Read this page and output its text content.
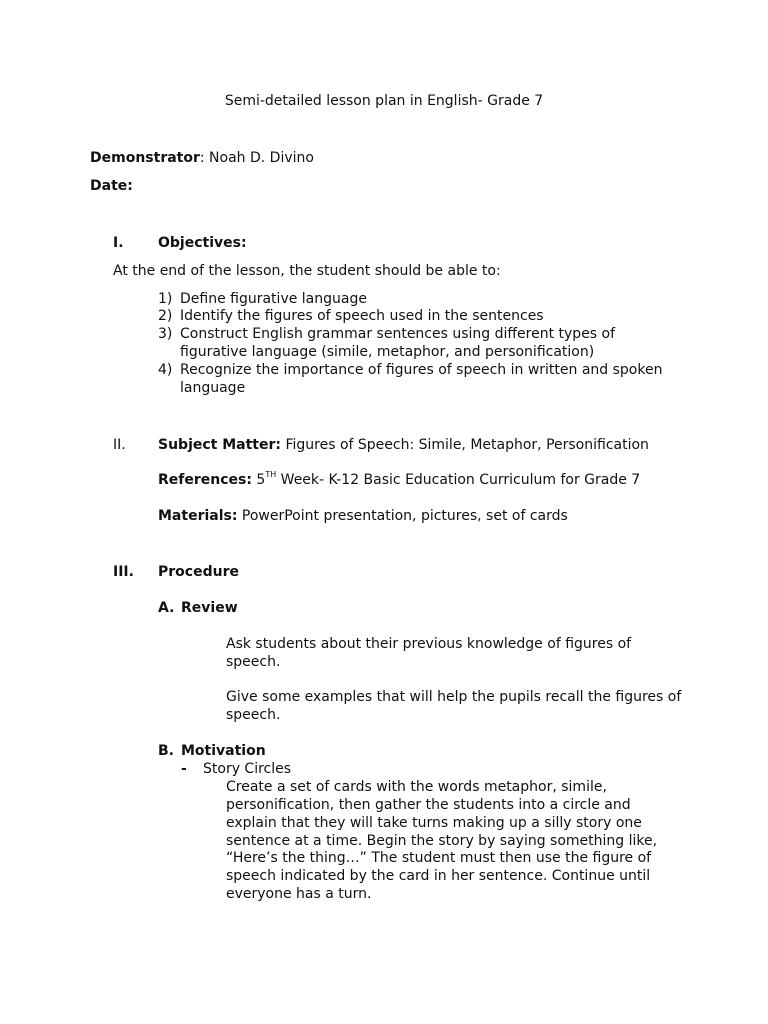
Semi-detailed lesson plan in English- Grade 7
Demonstrator: Noah D. Divino
Date:
I. Objectives:
At the end of the lesson, the student should be able to:
1) Define figurative language
2) Identify the figures of speech used in the sentences
3) Construct English grammar sentences using different types of
figurative language (simile, metaphor, and personification)
4) Recognize the importance of figures of speech in written and spoken
language
II. Subject Matter: Figures of Speech: Simile, Metaphor, Personification
References: 5TH Week- K-12 Basic Education Curriculum for Grade 7
Materials: PowerPoint presentation, pictures, set of cards
III. Procedure
A. Review
Ask students about their previous knowledge of figures of
speech.
Give some examples that will help the pupils recall the figures of
speech.
B. Motivation
- Story Circles
Create a set of cards with the words metaphor, simile,
personification, then gather the students into a circle and
explain that they will take turns making up a silly story one
sentence at a time. Begin the story by saying something like,
“Here’s the thing…” The student must then use the figure of
speech indicated by the card in her sentence. Continue until
everyone has a turn.
